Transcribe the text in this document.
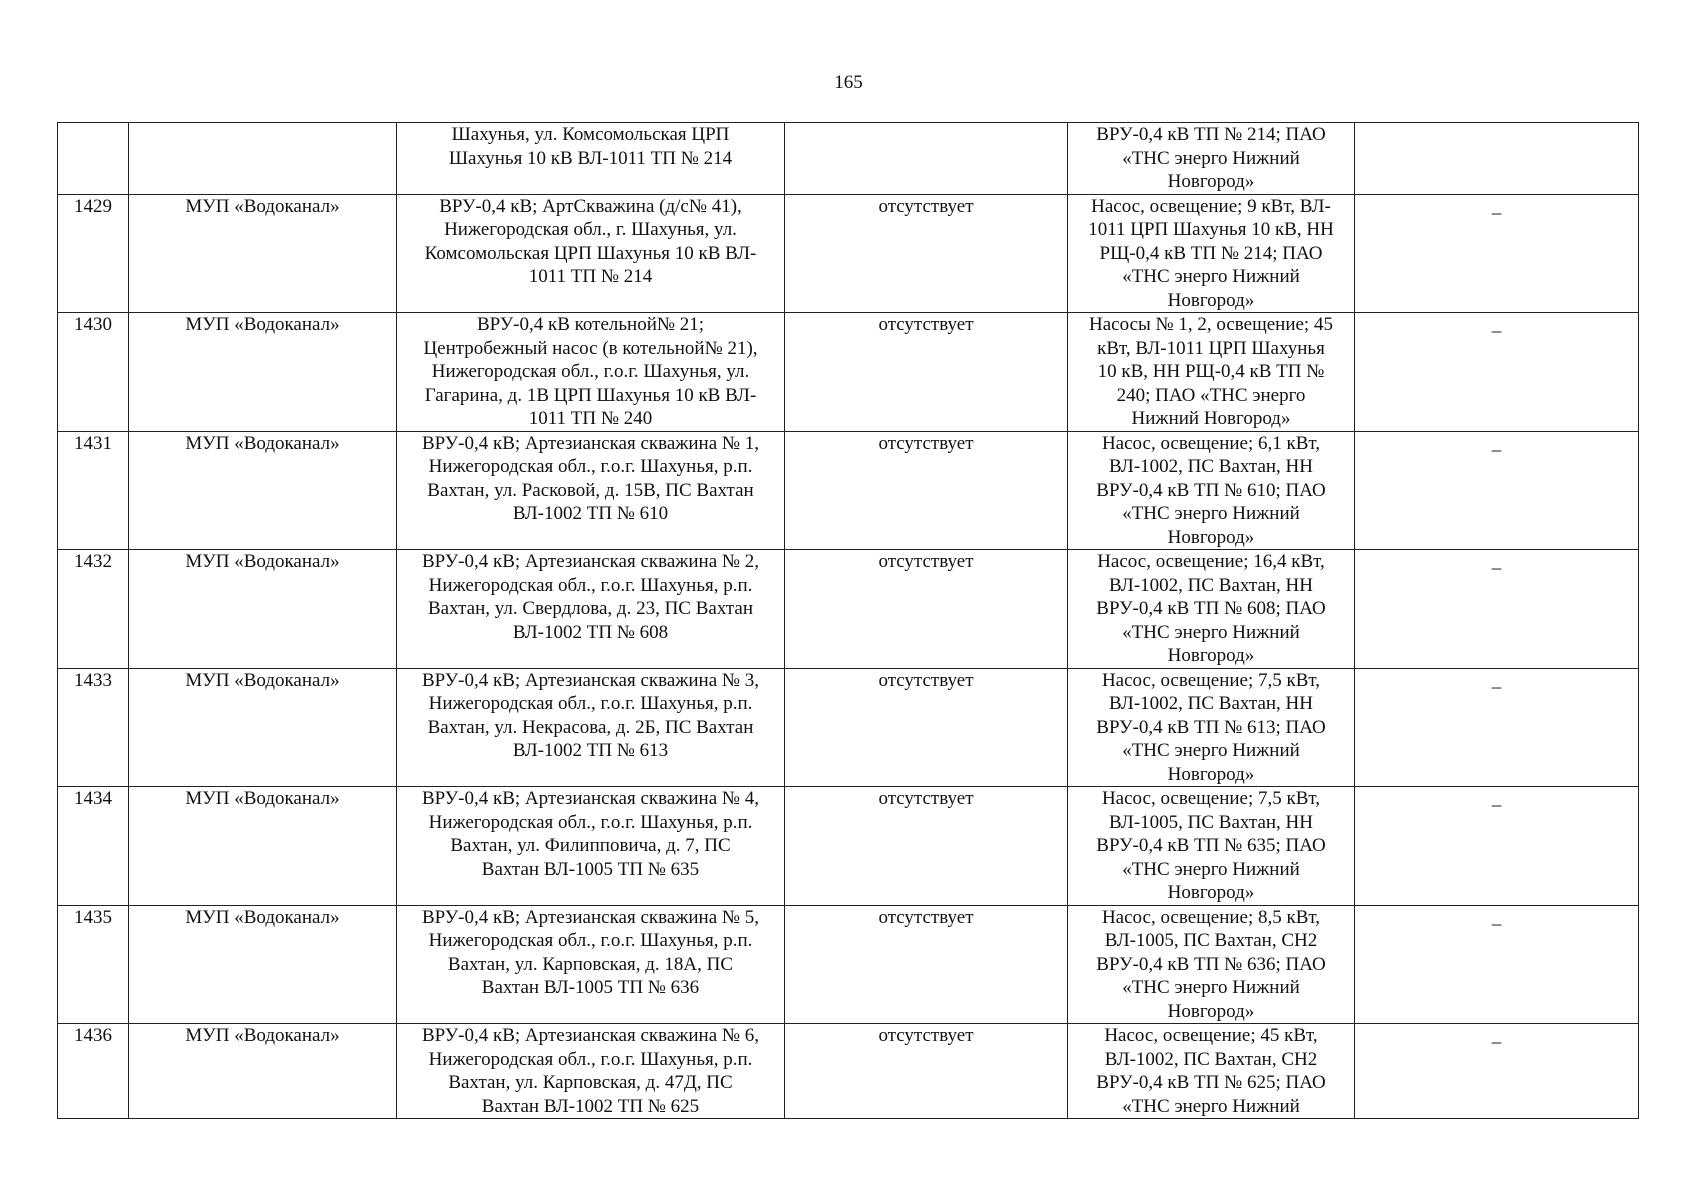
165

		Шахунья, ул. Комсомольская ЦРП
Шахунья 10 кВ ВЛ-1011 ТП № 214		ВРУ-0,4 кВ ТП № 214; ПАО
«ТНС энерго Нижний
Новгород»	

1429	МУП «Водоканал»	ВРУ-0,4 кВ; АртСкважина (д/с№ 41),
Нижегородская обл., г. Шахунья, ул.
Комсомольская ЦРП Шахунья 10 кВ ВЛ-
1011 ТП № 214	отсутствует	Насос, освещение; 9 кВт, ВЛ-
1011 ЦРП Шахунья 10 кВ, НН
РЩ-0,4 кВ ТП № 214; ПАО
«ТНС энерго Нижний
Новгород»	_
1430	МУП «Водоканал»	ВРУ-0,4 кВ котельной№ 21;
Центробежный насос (в котельной№ 21),
Нижегородская обл., г.о.г. Шахунья, ул.
Гагарина, д. 1В ЦРП Шахунья 10 кВ ВЛ-
1011 ТП № 240	отсутствует	Насосы № 1, 2, освещение; 45
кВт, ВЛ-1011 ЦРП Шахунья
10 кВ, НН РЩ-0,4 кВ ТП №
240; ПАО «ТНС энерго
Нижний Новгород»	_
1431	МУП «Водоканал»	ВРУ-0,4 кВ; Артезианская скважина № 1,
Нижегородская обл., г.о.г. Шахунья, р.п.
Вахтан, ул. Расковой, д. 15В, ПС Вахтан
ВЛ-1002 ТП № 610	отсутствует	Насос, освещение; 6,1 кВт,
ВЛ-1002, ПС Вахтан, НН
ВРУ-0,4 кВ ТП № 610; ПАО
«ТНС энерго Нижний
Новгород»	_
1432	МУП «Водоканал»	ВРУ-0,4 кВ; Артезианская скважина № 2,
Нижегородская обл., г.о.г. Шахунья, р.п.
Вахтан, ул. Свердлова, д. 23, ПС Вахтан
ВЛ-1002 ТП № 608	отсутствует	Насос, освещение; 16,4 кВт,
ВЛ-1002, ПС Вахтан, НН
ВРУ-0,4 кВ ТП № 608; ПАО
«ТНС энерго Нижний
Новгород»	_
1433	МУП «Водоканал»	ВРУ-0,4 кВ; Артезианская скважина № 3,
Нижегородская обл., г.о.г. Шахунья, р.п.
Вахтан, ул. Некрасова, д. 2Б, ПС Вахтан
ВЛ-1002 ТП № 613	отсутствует	Насос, освещение; 7,5 кВт,
ВЛ-1002, ПС Вахтан, НН
ВРУ-0,4 кВ ТП № 613; ПАО
«ТНС энерго Нижний
Новгород»	_
1434	МУП «Водоканал»	ВРУ-0,4 кВ; Артезианская скважина № 4,
Нижегородская обл., г.о.г. Шахунья, р.п.
Вахтан, ул. Филипповича, д. 7, ПС
Вахтан ВЛ-1005 ТП № 635	отсутствует	Насос, освещение; 7,5 кВт,
ВЛ-1005, ПС Вахтан, НН
ВРУ-0,4 кВ ТП № 635; ПАО
«ТНС энерго Нижний
Новгород»	_
1435	МУП «Водоканал»	ВРУ-0,4 кВ; Артезианская скважина № 5,
Нижегородская обл., г.о.г. Шахунья, р.п.
Вахтан, ул. Карповская, д. 18А, ПС
Вахтан ВЛ-1005 ТП № 636	отсутствует	Насос, освещение; 8,5 кВт,
ВЛ-1005, ПС Вахтан, СН2
ВРУ-0,4 кВ ТП № 636; ПАО
«ТНС энерго Нижний
Новгород»	_
1436	МУП «Водоканал»	ВРУ-0,4 кВ; Артезианская скважина № 6,
Нижегородская обл., г.о.г. Шахунья, р.п.
Вахтан, ул. Карповская, д. 47Д, ПС
Вахтан ВЛ-1002 ТП № 625	отсутствует	Насос, освещение; 45 кВт,
ВЛ-1002, ПС Вахтан, СН2
ВРУ-0,4 кВ ТП № 625; ПАО
«ТНС энерго Нижний	_
